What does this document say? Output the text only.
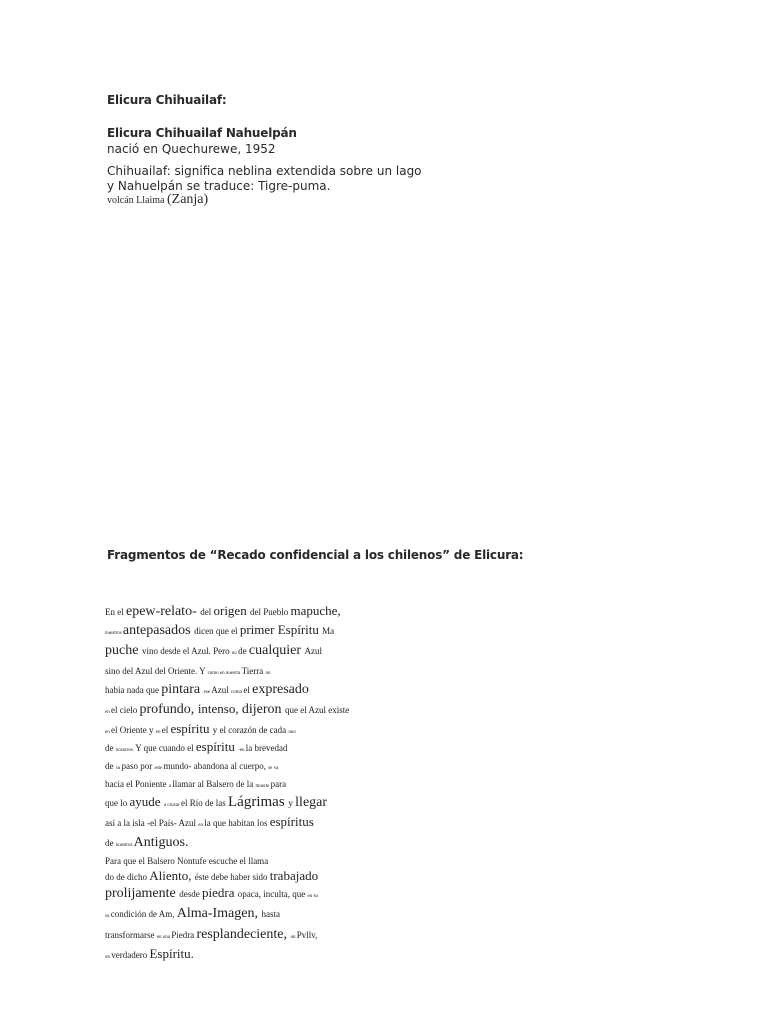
Elicura Chihuailaf:
Elicura Chihuailaf Nahuelpán
nació en Quechurewe, 1952
Chihuailaf: significa neblina extendida sobre un lago
y Nahuelpán se traduce: Tigre-puma.
volcán Llaima (Zanja)
Fragmentos de “Recado confidencial a los chilenos” de Elicura:
En el epew-relato- del origen del Pueblo mapuche,
nuestros antepasados dicen que el primer Espíritu Ma
puche vino desde el Azul. Pero no de cualquier Azul
sino del Azul del Oriente. Y como en nuestra Tierra no
había nada que pintara ese Azul como el expresado
en el cielo profundo, intenso, dijeron que el Azul existe
en el Oriente y en el espíritu y el corazón de cada uno
de nosotros. Y que cuando el espíritu -en la brevedad
de su paso por este mundo- abandona al cuerpo, se va
hacia el Poniente a llamar al Balsero de la muerte para
que lo ayude a cruzar el Río de las Lágrimas y llegar
así a la isla -el País- Azul en la que habitan los espíritus
de nuestros Antiguos.
Para que el Balsero Nontufe escuche el llama
do de dicho Aliento, éste debe haber sido trabajado
prolijamente desde piedra opaca, inculta, que en su
su condición de Am, Alma-Imagen, hasta
transformarse en una Piedra resplandeciente, un Pvllv,
un verdadero Espíritu.
